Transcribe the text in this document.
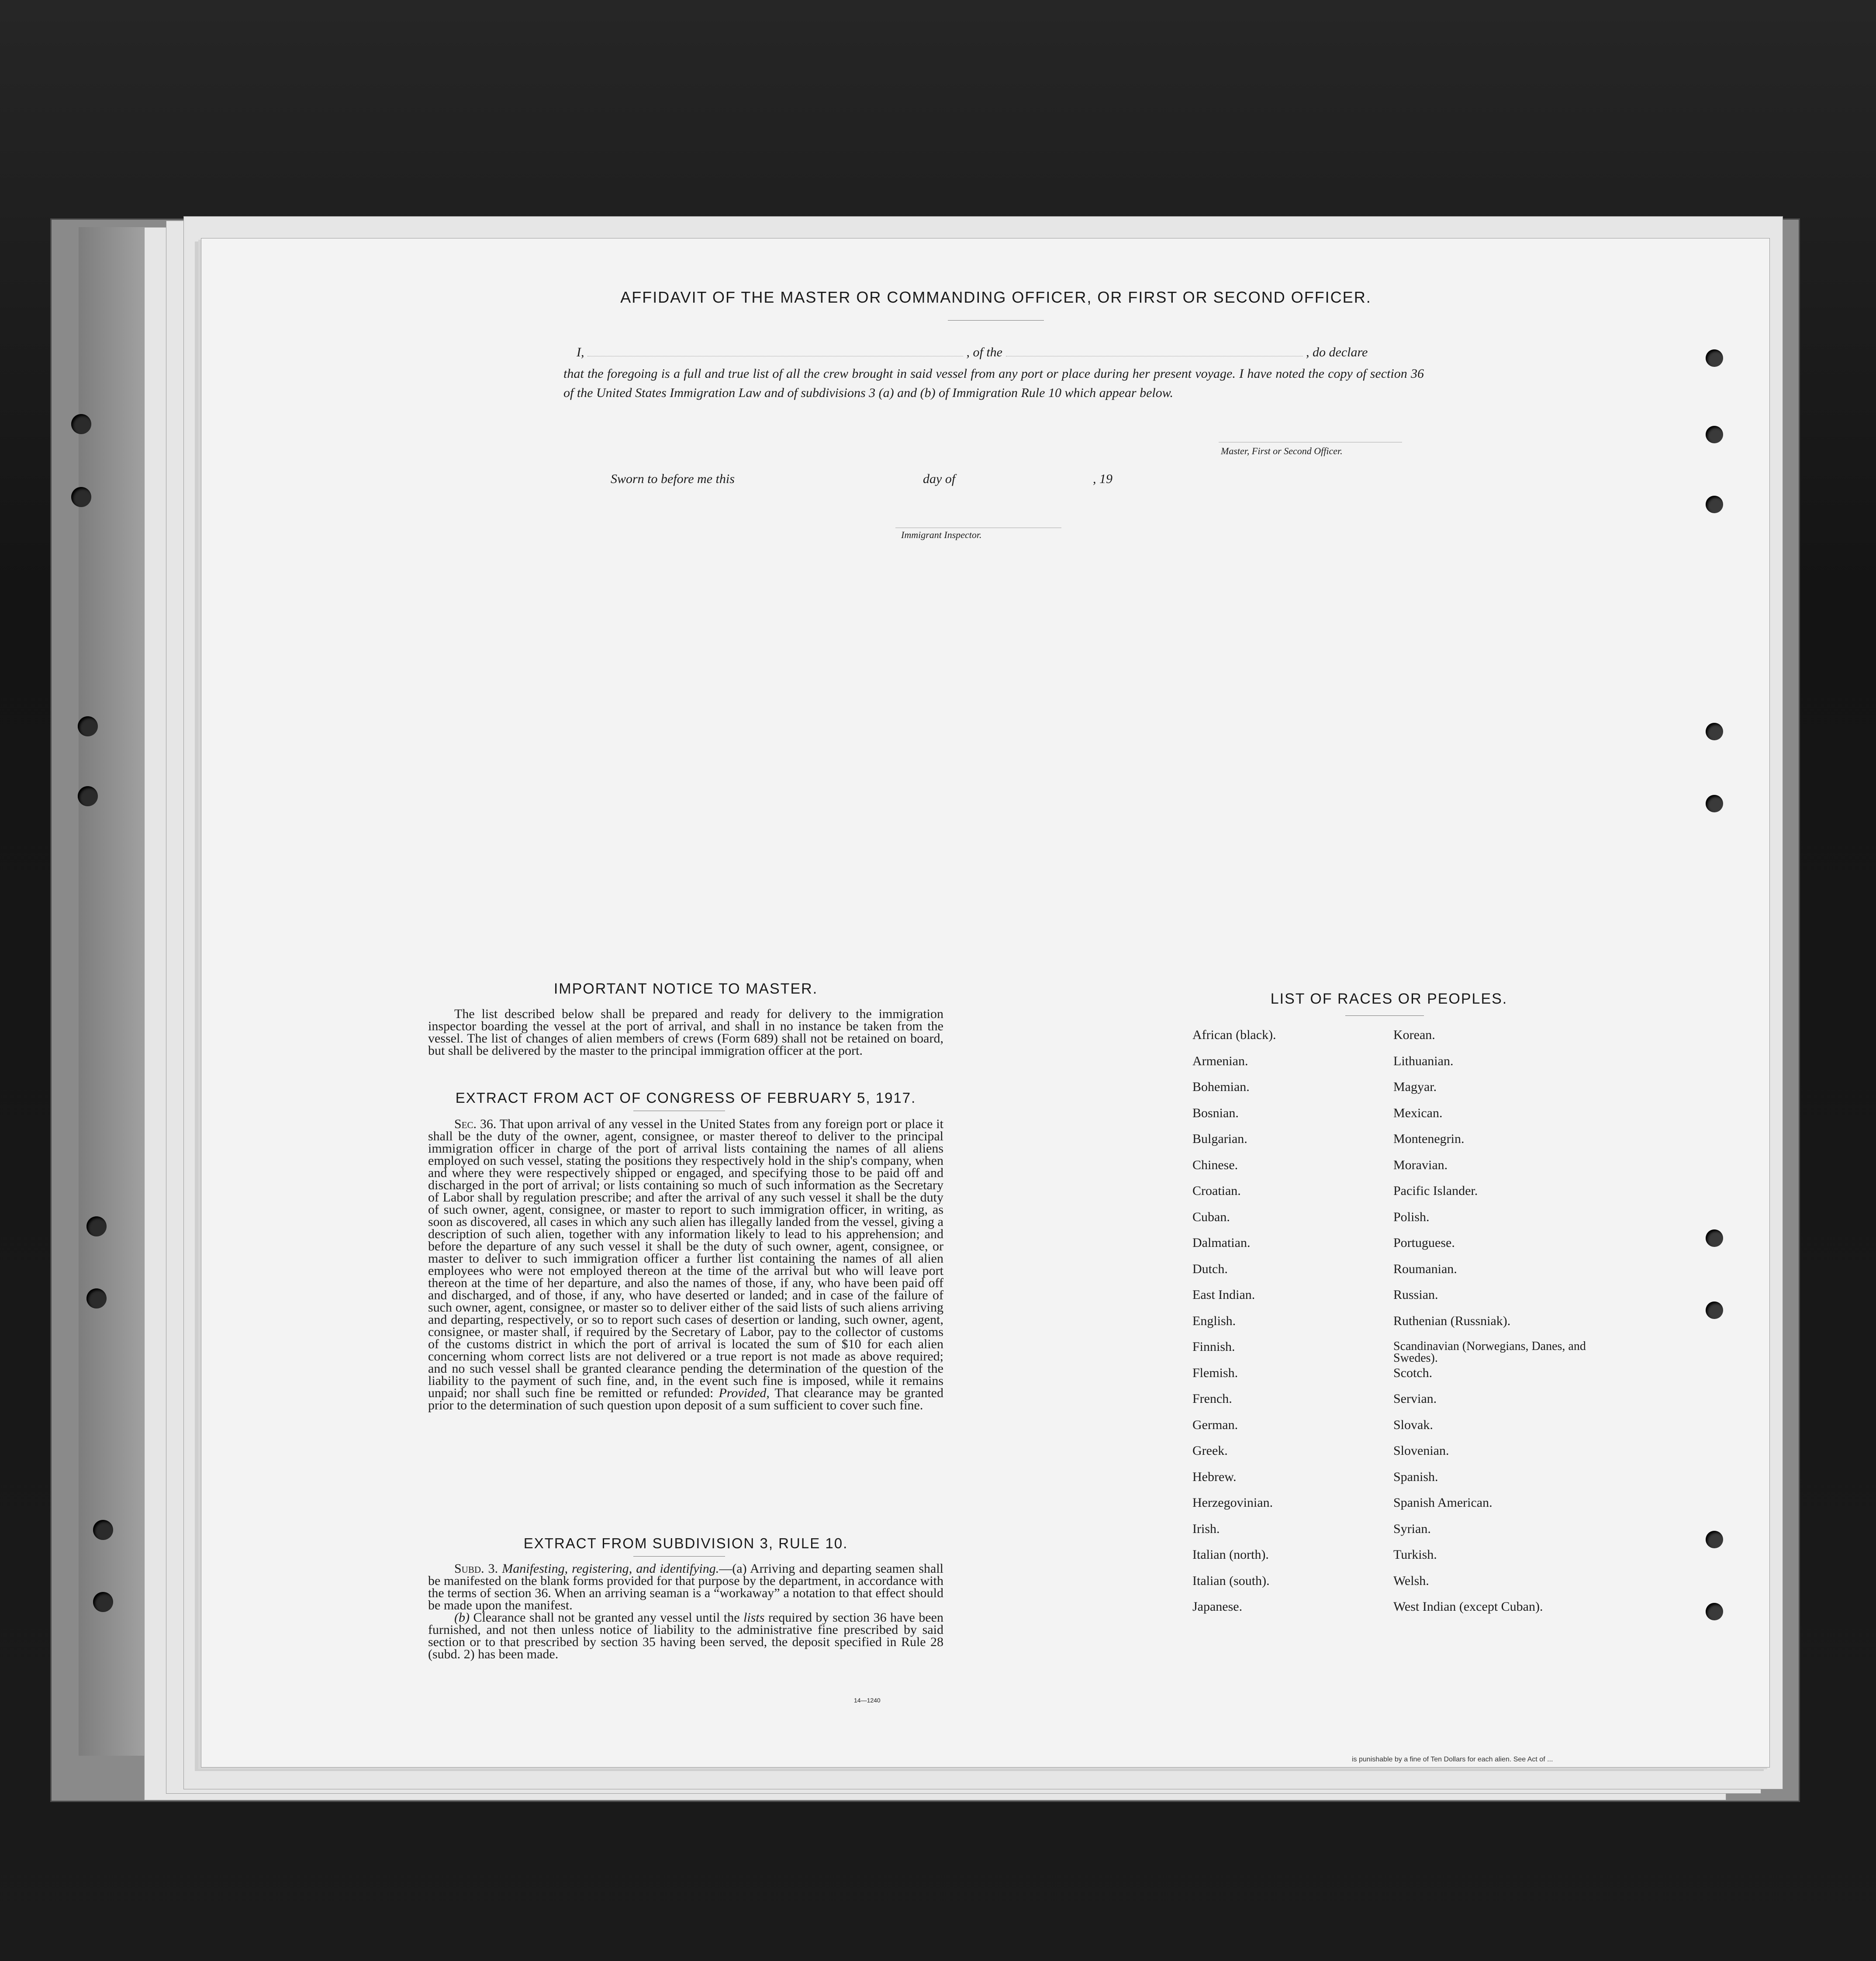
AFFIDAVIT OF THE MASTER OR COMMANDING OFFICER, OR FIRST OR SECOND OFFICER.
I,	, of the	, do declare
that the foregoing is a full and true list of all the crew brought in said vessel from any port or place during her present voyage. I have noted the copy of section 36 of the United States Immigration Law and of subdivisions 3 (a) and (b) of Immigration Rule 10 which appear below.
Master, First or Second Officer.
Sworn to before me this	day of	, 19
Immigrant Inspector.
IMPORTANT NOTICE TO MASTER.

The list described below shall be prepared and ready for delivery to the immigration inspector boarding the vessel at the port of arrival, and shall in no instance be taken from the vessel. The list of changes of alien members of crews (Form 689) shall not be retained on board, but shall be delivered by the master to the principal immigration officer at the port.

EXTRACT FROM ACT OF CONGRESS OF FEBRUARY 5, 1917.

Sec. 36. That upon arrival of any vessel in the United States from any foreign port or place it shall be the duty of the owner, agent, consignee, or master thereof to deliver to the principal immigration officer in charge of the port of arrival lists containing the names of all aliens employed on such vessel, stating the positions they respectively hold in the ship's company, when and where they were respectively shipped or engaged, and specifying those to be paid off and discharged in the port of arrival; or lists containing so much of such information as the Secretary of Labor shall by regulation prescribe; and after the arrival of any such vessel it shall be the duty of such owner, agent, consignee, or master to report to such immigration officer, in writing, as soon as discovered, all cases in which any such alien has illegally landed from the vessel, giving a description of such alien, together with any information likely to lead to his apprehension; and before the departure of any such vessel it shall be the duty of such owner, agent, consignee, or master to deliver to such immigration officer a further list containing the names of all alien employees who were not employed thereon at the time of the arrival but who will leave port thereon at the time of her departure, and also the names of those, if any, who have been paid off and discharged, and of those, if any, who have deserted or landed; and in case of the failure of such owner, agent, consignee, or master so to deliver either of the said lists of such aliens arriving and departing, respectively, or so to report such cases of desertion or landing, such owner, agent, consignee, or master shall, if required by the Secretary of Labor, pay to the collector of customs of the customs district in which the port of arrival is located the sum of $10 for each alien concerning whom correct lists are not delivered or a true report is not made as above required; and no such vessel shall be granted clearance pending the determination of the question of the liability to the payment of such fine, and, in the event such fine is imposed, while it remains unpaid; nor shall such fine be remitted or refunded: Provided, That clearance may be granted prior to the determination of such question upon deposit of a sum sufficient to cover such fine.

EXTRACT FROM SUBDIVISION 3, RULE 10.

Subd. 3. Manifesting, registering, and identifying.—(a) Arriving and departing seamen shall be manifested on the blank forms provided for that purpose by the department, in accordance with the terms of section 36. When an arriving seaman is a “workaway” a notation to that effect should be made upon the manifest.

(b) Clearance shall not be granted any vessel until the lists required by section 36 have been furnished, and not then unless notice of liability to the administrative fine prescribed by said section or to that prescribed by section 35 having been served, the deposit specified in Rule 28 (subd. 2) has been made.

14—1240
LIST OF RACES OR PEOPLES.
African (black).	Korean.
Armenian.	Lithuanian.
Bohemian.	Magyar.
Bosnian.	Mexican.
Bulgarian.	Montenegrin.
Chinese.	Moravian.
Croatian.	Pacific Islander.
Cuban.	Polish.
Dalmatian.	Portuguese.
Dutch.	Roumanian.
East Indian.	Russian.
English.	Ruthenian (Russniak).
Finnish.	Scandinavian (Norwegians, Danes, and Swedes).
Flemish.	Scotch.
French.	Servian.
German.	Slovak.
Greek.	Slovenian.
Hebrew.	Spanish.
Herzegovinian.	Spanish American.
Irish.	Syrian.
Italian (north).	Turkish.
Italian (south).	Welsh.
Japanese.	West Indian (except Cuban).
is punishable by a fine of Ten Dollars for each alien. See Act of ...
